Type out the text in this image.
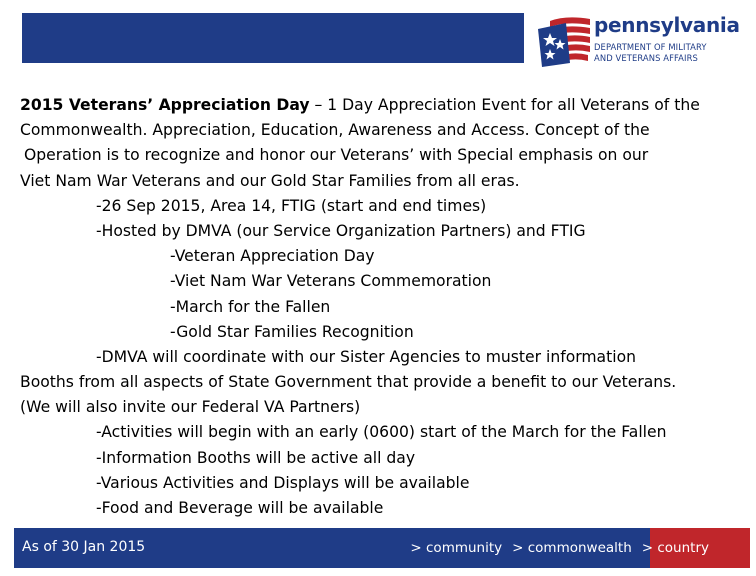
pennsylvania
DEPARTMENT OF MILITARY
AND VETERANS AFFAIRS
2015 Veterans’ Appreciation Day – 1 Day Appreciation Event for all Veterans of the
Commonwealth. Appreciation, Education, Awareness and Access. Concept of the
Operation is to recognize and honor our Veterans’ with Special emphasis on our
Viet Nam War Veterans and our Gold Star Families from all eras.
-26 Sep 2015, Area 14, FTIG (start and end times)
-Hosted by DMVA (our Service Organization Partners) and FTIG
-Veteran Appreciation Day
-Viet Nam War Veterans Commemoration
-March for the Fallen
-Gold Star Families Recognition
-DMVA will coordinate with our Sister Agencies to muster information
Booths from all aspects of State Government that provide a benefit to our Veterans.
(We will also invite our Federal VA Partners)
-Activities will begin with an early (0600) start of the March for the Fallen
-Information Booths will be active all day
-Various Activities and Displays will be available
-Food and Beverage will be available
As of 30 Jan 2015	> community > commonwealth > country
